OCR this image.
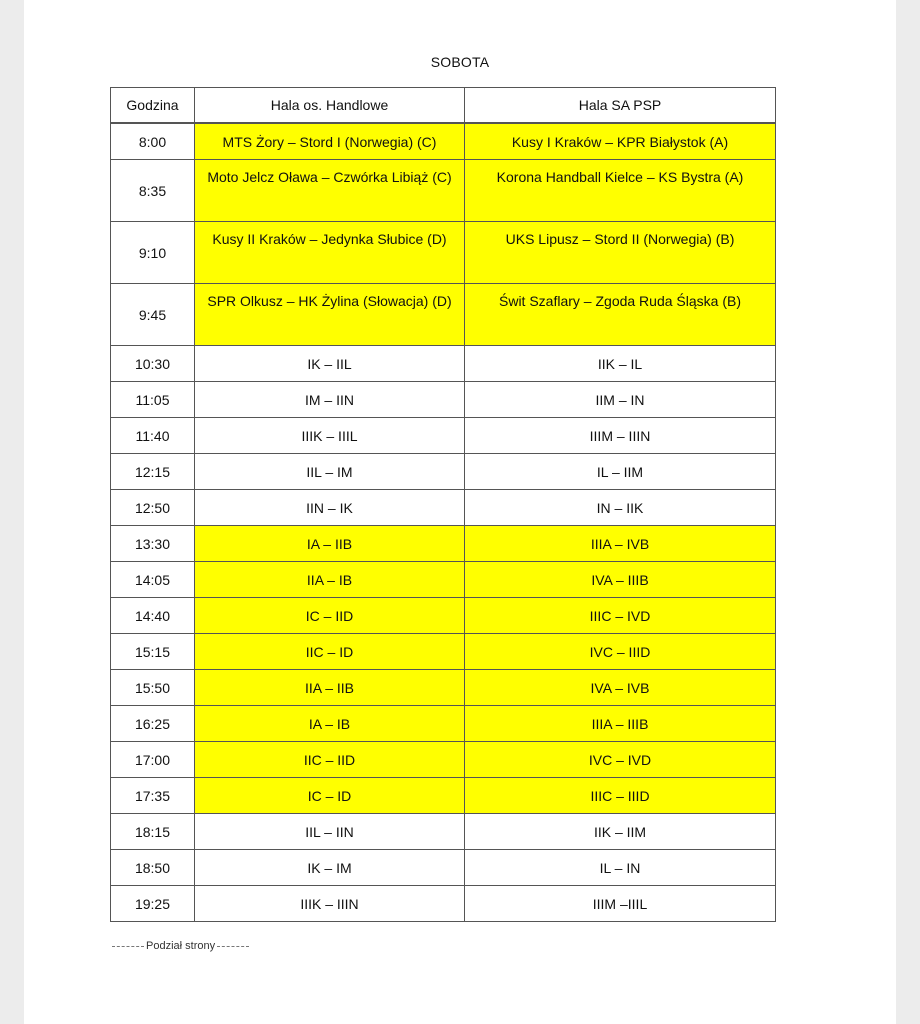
SOBOTA
Godzina	Hala os. Handlowe	Hala SA PSP
8:00	MTS Żory – Stord I (Norwegia) (C)	Kusy I Kraków – KPR Białystok (A)
8:35	Moto Jelcz Oława – Czwórka Libiąż (C)	Korona Handball Kielce – KS Bystra (A)
9:10	Kusy II Kraków – Jedynka Słubice (D)	UKS Lipusz – Stord II (Norwegia) (B)
9:45	SPR Olkusz – HK Żylina (Słowacja) (D)	Świt Szaflary – Zgoda Ruda Śląska (B)
10:30	IK – IIL	IIK – IL
11:05	IM – IIN	IIM – IN
11:40	IIIK – IIIL	IIIM – IIIN
12:15	IIL – IM	IL – IIM
12:50	IIN – IK	IN – IIK
13:30	IA – IIB	IIIA – IVB
14:05	IIA – IB	IVA – IIIB
14:40	IC – IID	IIIC – IVD
15:15	IIC – ID	IVC – IIID
15:50	IIA – IIB	IVA – IVB
16:25	IA – IB	IIIA – IIIB
17:00	IIC – IID	IVC – IVD
17:35	IC – ID	IIIC – IIID
18:15	IIL – IIN	IIK – IIM
18:50	IK – IM	IL – IN
19:25	IIIK – IIIN	IIIM –IIIL
Podział strony
